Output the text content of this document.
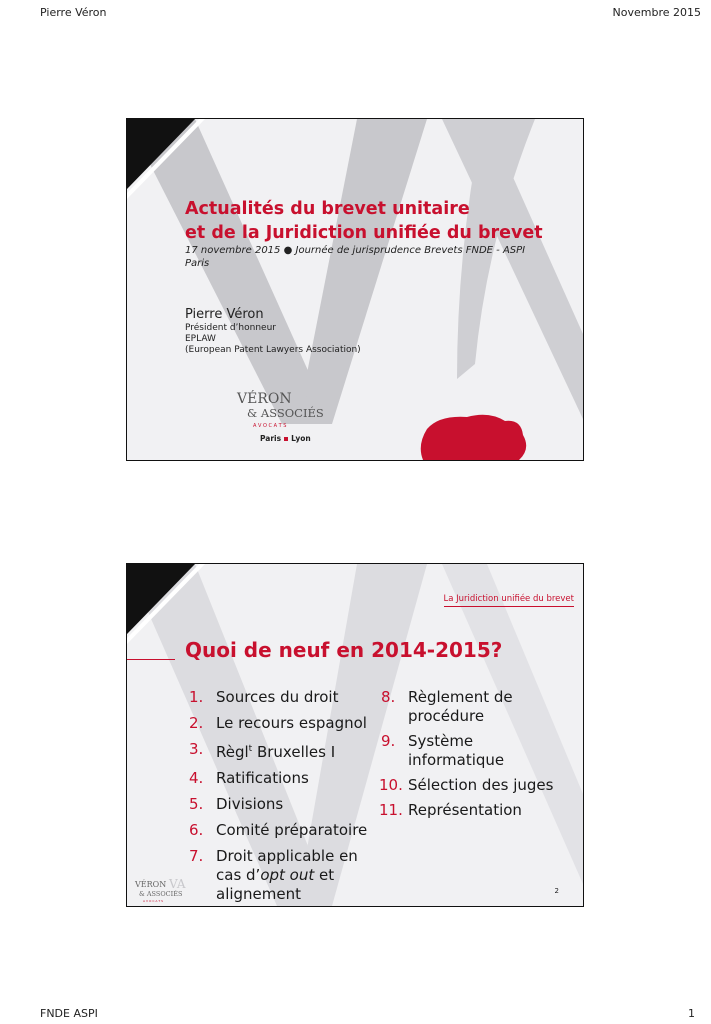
Pierre Véron	Novembre 2015
Actualités du brevet unitaire
et de la Juridiction unifiée du brevet
17 novembre 2015 ● Journée de jurisprudence Brevets FNDE - ASPI
Paris
Pierre Véron
Président d’honneur
EPLAW
(European Patent Lawyers Association)
VÉRON VA
& ASSOCIÉS
A V O C A T S
Paris Lyon
La Juridiction unifiée du brevet
Quoi de neuf en 2014-2015?
1. Sources du droit
2. Le recours espagnol
3. Règl$^t$ Bruxelles I
4. Ratifications
5. Divisions
6. Comité préparatoire
7. Droit applicable en cas d’opt out et alignement
8. Règlement de procédure
9. Système informatique
10. Sélection des juges
11. Représentation
VÉRON VA
& ASSOCIÉS
A V O C A T S
2
FNDE ASPI	1
